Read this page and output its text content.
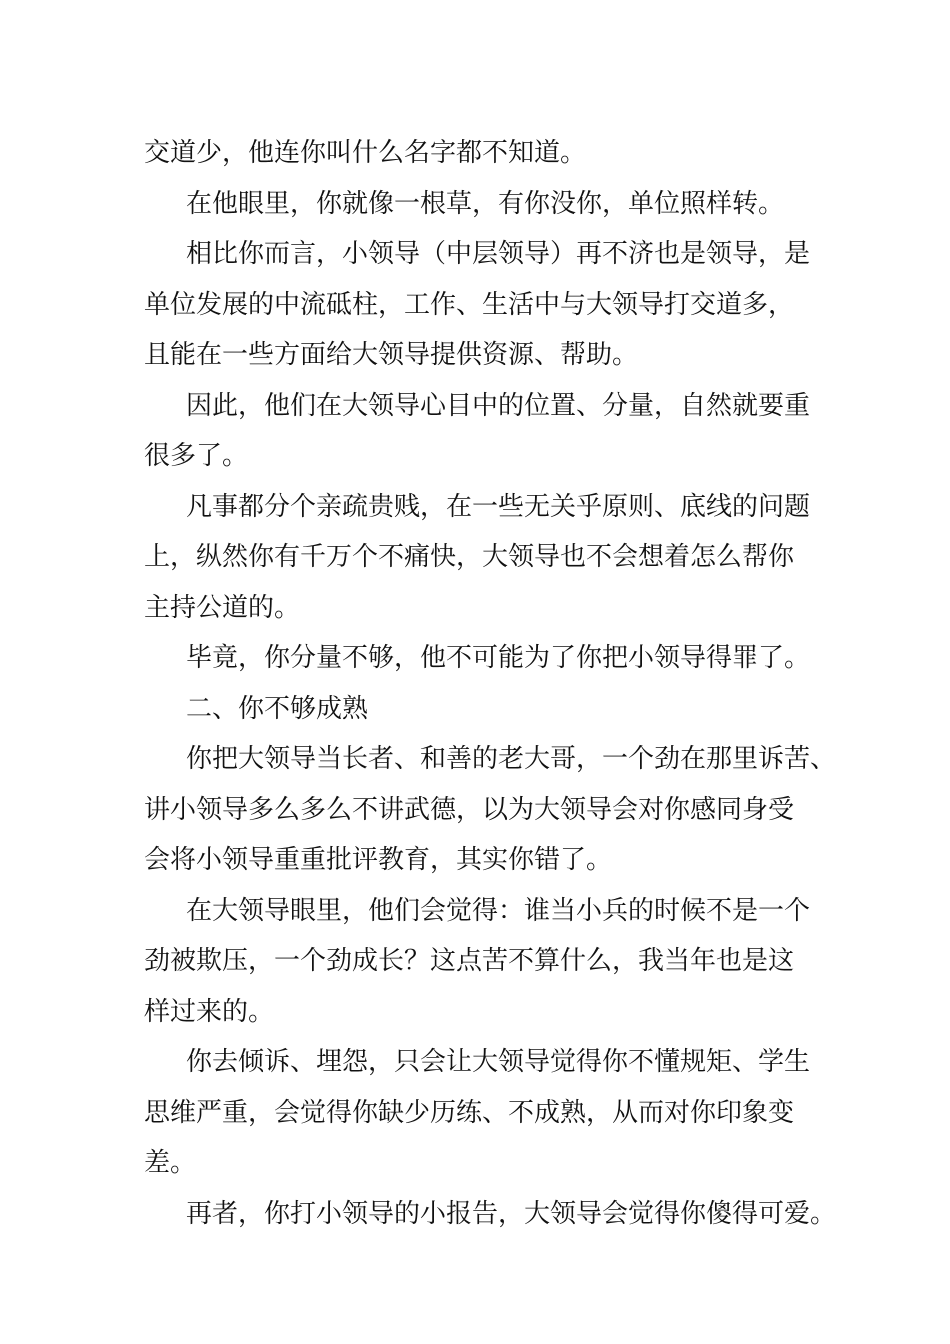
交道少，他连你叫什么名字都不知道。
在他眼里，你就像一根草，有你没你，单位照样转。
相比你而言，小领导（中层领导）再不济也是领导，是
单位发展的中流砥柱，工作、生活中与大领导打交道多，
且能在一些方面给大领导提供资源、帮助。
因此，他们在大领导心目中的位置、分量，自然就要重
很多了。
凡事都分个亲疏贵贱，在一些无关乎原则、底线的问题
上，纵然你有千万个不痛快，大领导也不会想着怎么帮你
主持公道的。
毕竟，你分量不够，他不可能为了你把小领导得罪了。
二、你不够成熟
你把大领导当长者、和善的老大哥，一个劲在那里诉苦、
讲小领导多么多么不讲武德，以为大领导会对你感同身受
会将小领导重重批评教育，其实你错了。
在大领导眼里，他们会觉得：谁当小兵的时候不是一个
劲被欺压，一个劲成长？这点苦不算什么，我当年也是这
样过来的。
你去倾诉、埋怨，只会让大领导觉得你不懂规矩、学生
思维严重，会觉得你缺少历练、不成熟，从而对你印象变
差。
再者，你打小领导的小报告，大领导会觉得你傻得可爱。
